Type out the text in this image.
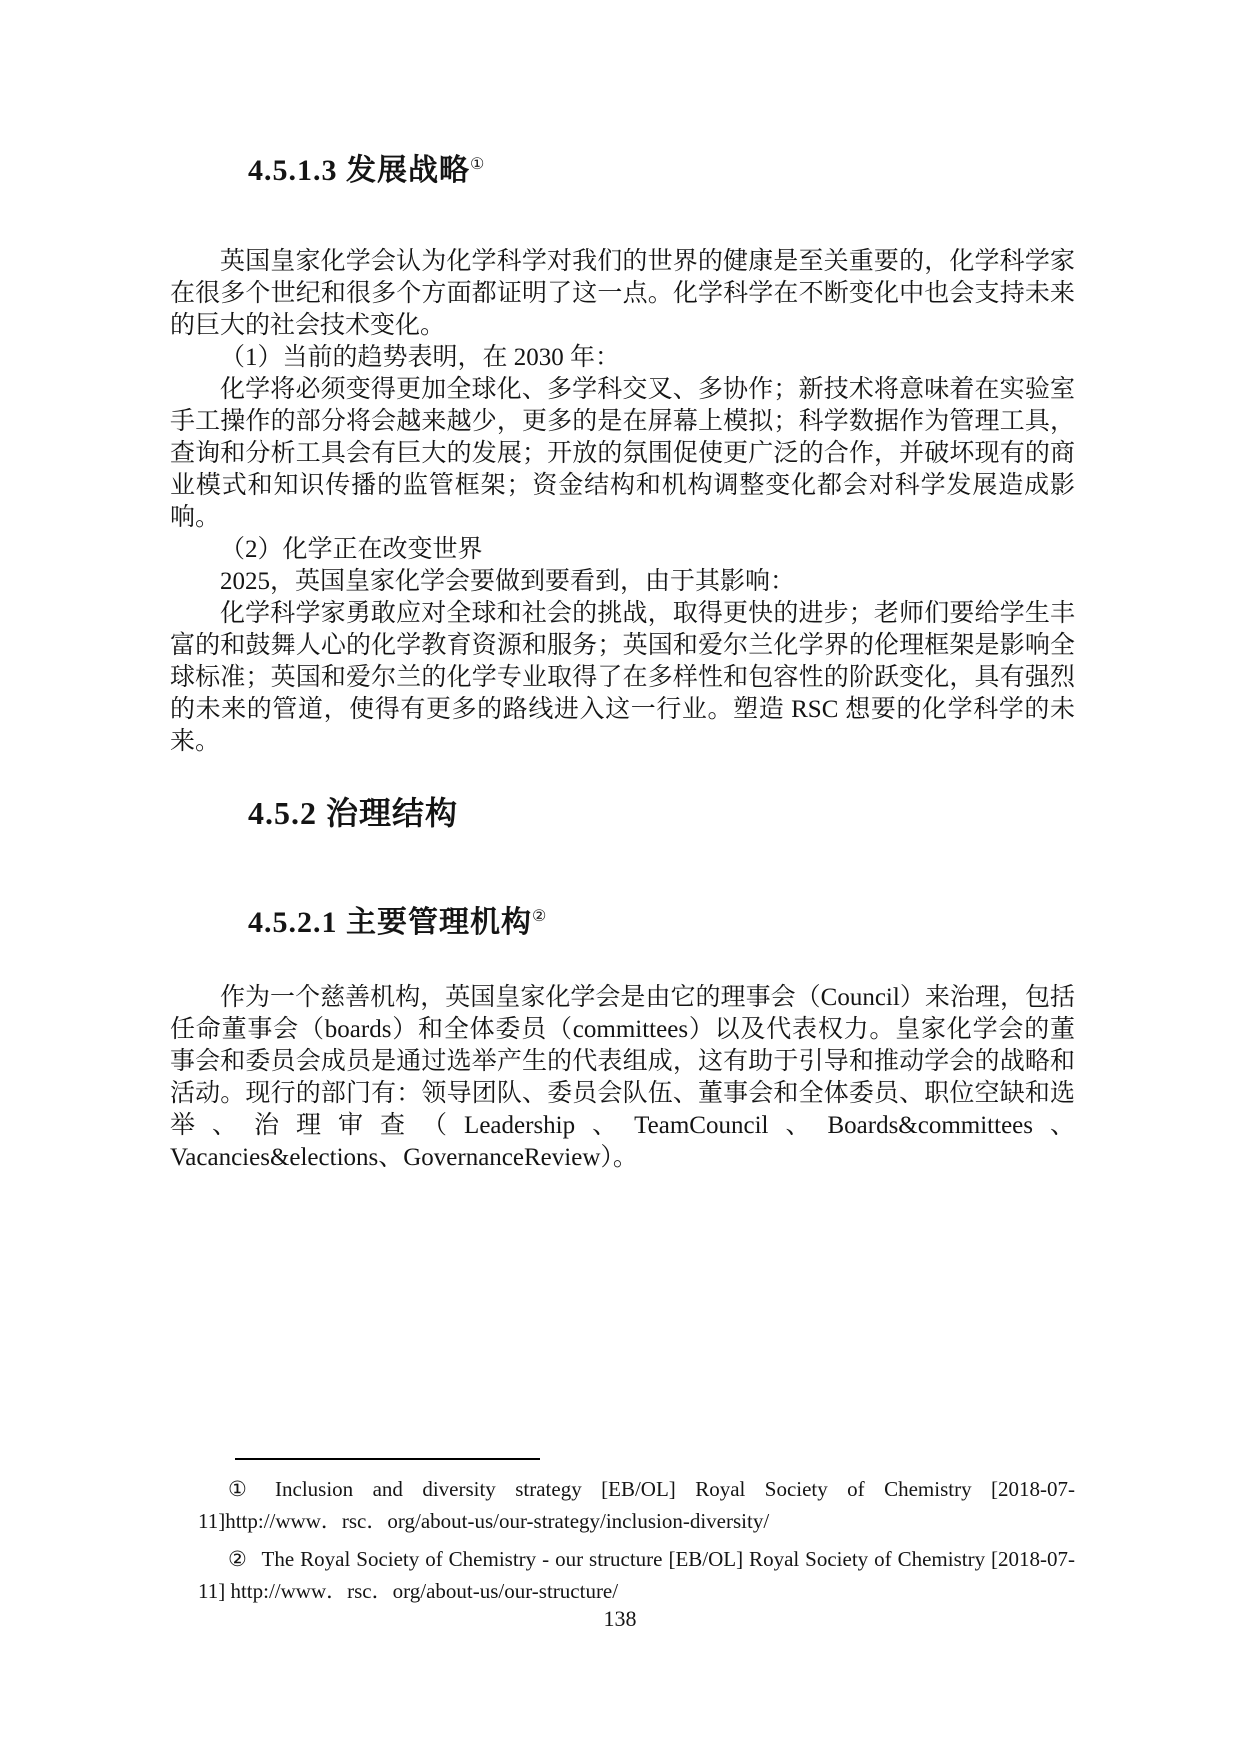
4.5.1.3 发展战略①

英国皇家化学会认为化学科学对我们的世界的健康是至关重要的，化学科学家在很多个世纪和很多个方面都证明了这一点。化学科学在不断变化中也会支持未来的巨大的社会技术变化。

（1）当前的趋势表明，在 2030 年：

化学将必须变得更加全球化、多学科交叉、多协作；新技术将意味着在实验室手工操作的部分将会越来越少，更多的是在屏幕上模拟；科学数据作为管理工具，查询和分析工具会有巨大的发展；开放的氛围促使更广泛的合作，并破坏现有的商业模式和知识传播的监管框架；资金结构和机构调整变化都会对科学发展造成影响。

（2）化学正在改变世界

2025，英国皇家化学会要做到要看到，由于其影响：

化学科学家勇敢应对全球和社会的挑战，取得更快的进步；老师们要给学生丰富的和鼓舞人心的化学教育资源和服务；英国和爱尔兰化学界的伦理框架是影响全球标准；英国和爱尔兰的化学专业取得了在多样性和包容性的阶跃变化，具有强烈的未来的管道，使得有更多的路线进入这一行业。塑造 RSC 想要的化学科学的未来。

4.5.2 治理结构
4.5.2.1 主要管理机构②

作为一个慈善机构，英国皇家化学会是由它的理事会（Council）来治理，包括任命董事会（boards）和全体委员（committees）以及代表权力。皇家化学会的董事会和委员会成员是通过选举产生的代表组成，这有助于引导和推动学会的战略和活动。现行的部门有：领导团队、委员会队伍、董事会和全体委员、职位空缺和选举、治理审查（Leadership、TeamCouncil、Boards&committees、Vacancies&elections、GovernanceReview）。

① Inclusion and diversity strategy [EB/OL] Royal Society of Chemistry [2018-07-11]http://www．rsc．org/about-us/our-strategy/inclusion-diversity/

② The Royal Society of Chemistry - our structure [EB/OL] Royal Society of Chemistry [2018-07-11] http://www．rsc．org/about-us/our-structure/

138
